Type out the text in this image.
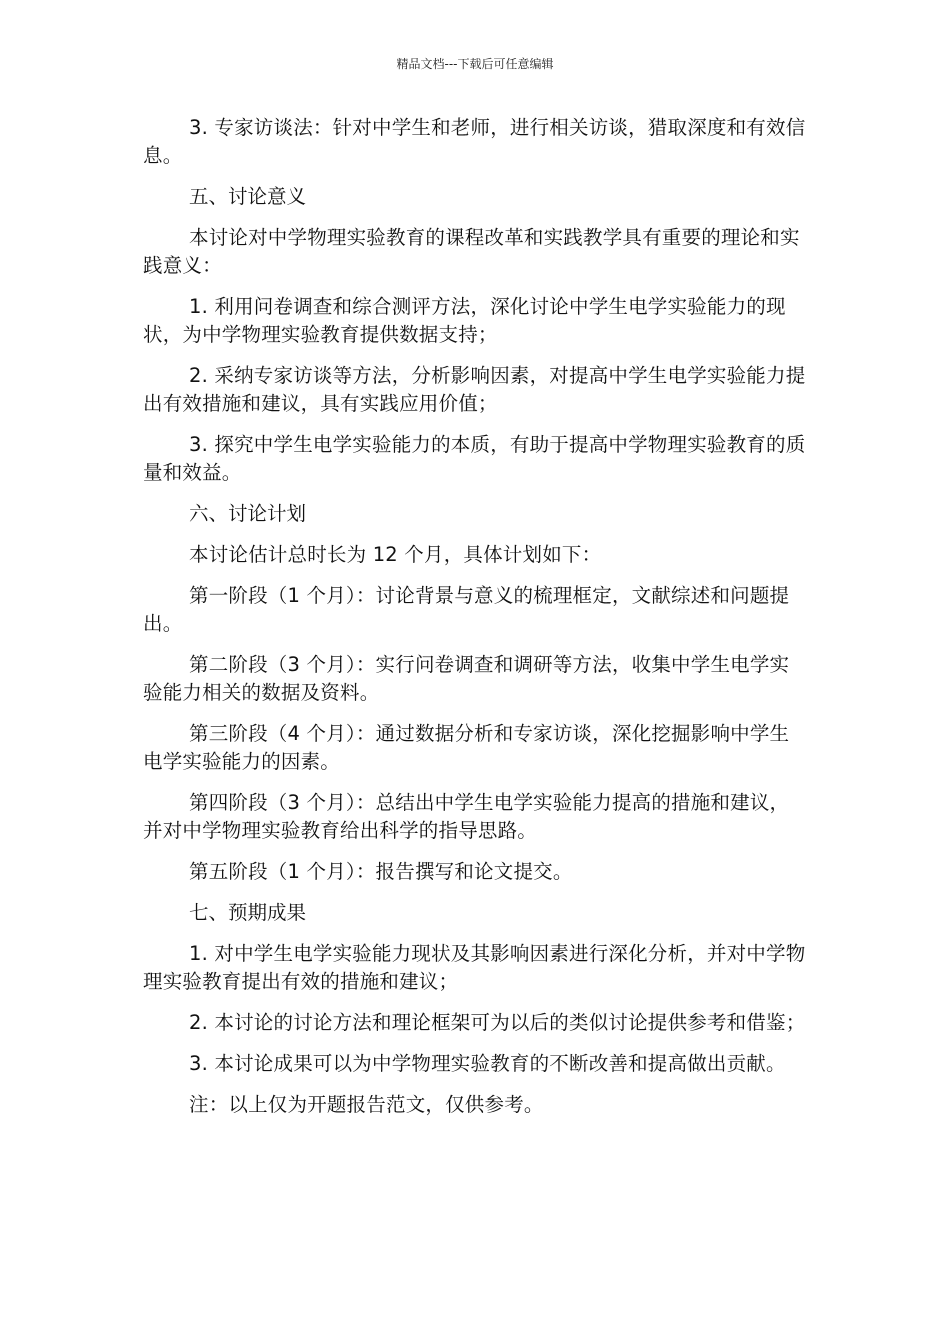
精品文档---下载后可任意编辑

3. 专家访谈法：针对中学生和老师，进行相关访谈，猎取深度和有效信息。

五、讨论意义

本讨论对中学物理实验教育的课程改革和实践教学具有重要的理论和实践意义：

1. 利用问卷调查和综合测评方法，深化讨论中学生电学实验能力的现状，为中学物理实验教育提供数据支持；

2. 采纳专家访谈等方法，分析影响因素，对提高中学生电学实验能力提出有效措施和建议，具有实践应用价值；

3. 探究中学生电学实验能力的本质，有助于提高中学物理实验教育的质量和效益。

六、讨论计划

本讨论估计总时长为 12 个月，具体计划如下：

第一阶段（1 个月）：讨论背景与意义的梳理框定，文献综述和问题提出。

第二阶段（3 个月）：实行问卷调查和调研等方法，收集中学生电学实验能力相关的数据及资料。

第三阶段（4 个月）：通过数据分析和专家访谈，深化挖掘影响中学生电学实验能力的因素。

第四阶段（3 个月）：总结出中学生电学实验能力提高的措施和建议，并对中学物理实验教育给出科学的指导思路。

第五阶段（1 个月）：报告撰写和论文提交。

七、预期成果

1. 对中学生电学实验能力现状及其影响因素进行深化分析，并对中学物理实验教育提出有效的措施和建议；

2. 本讨论的讨论方法和理论框架可为以后的类似讨论提供参考和借鉴；

3. 本讨论成果可以为中学物理实验教育的不断改善和提高做出贡献。

注：以上仅为开题报告范文，仅供参考。
